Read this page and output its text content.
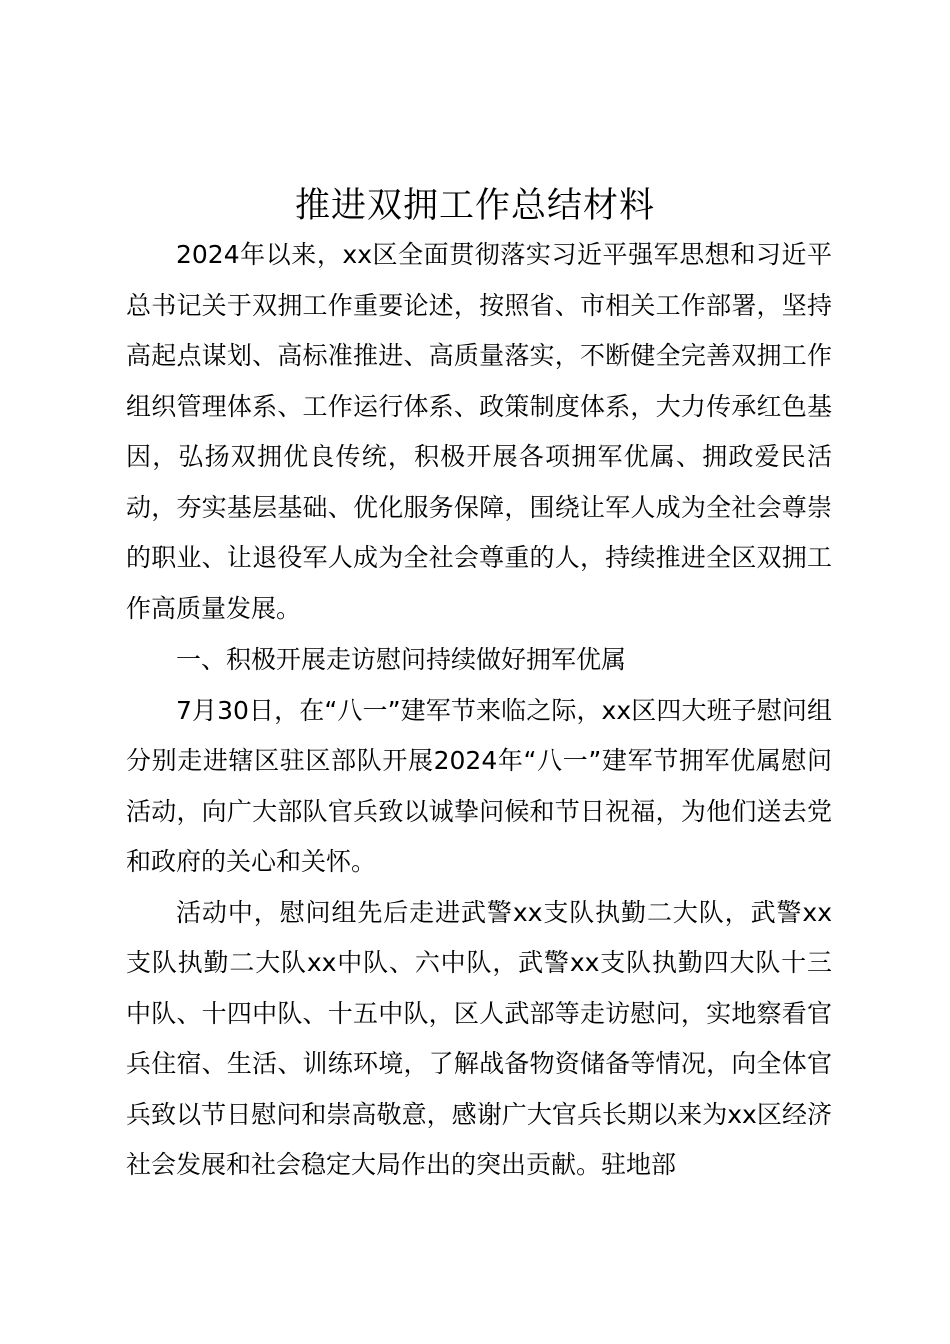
推进双拥工作总结材料

2024年以来，xx区全面贯彻落实习近平强军思想和习近平总书记关于双拥工作重要论述，按照省、市相关工作部署，坚持高起点谋划、高标准推进、高质量落实，不断健全完善双拥工作组织管理体系、工作运行体系、政策制度体系，大力传承红色基因，弘扬双拥优良传统，积极开展各项拥军优属、拥政爱民活动，夯实基层基础、优化服务保障，围绕让军人成为全社会尊崇的职业、让退役军人成为全社会尊重的人，持续推进全区双拥工作高质量发展。

一、积极开展走访慰问持续做好拥军优属

7月30日，在“八一”建军节来临之际，xx区四大班子慰问组分别走进辖区驻区部队开展2024年“八一”建军节拥军优属慰问活动，向广大部队官兵致以诚挚问候和节日祝福，为他们送去党和政府的关心和关怀。

活动中，慰问组先后走进武警xx支队执勤二大队，武警xx支队执勤二大队xx中队、六中队，武警xx支队执勤四大队十三中队、十四中队、十五中队，区人武部等走访慰问，实地察看官兵住宿、生活、训练环境，了解战备物资储备等情况，向全体官兵致以节日慰问和崇高敬意，感谢广大官兵长期以来为xx区经济社会发展和社会稳定大局作出的突出贡献。驻地部
